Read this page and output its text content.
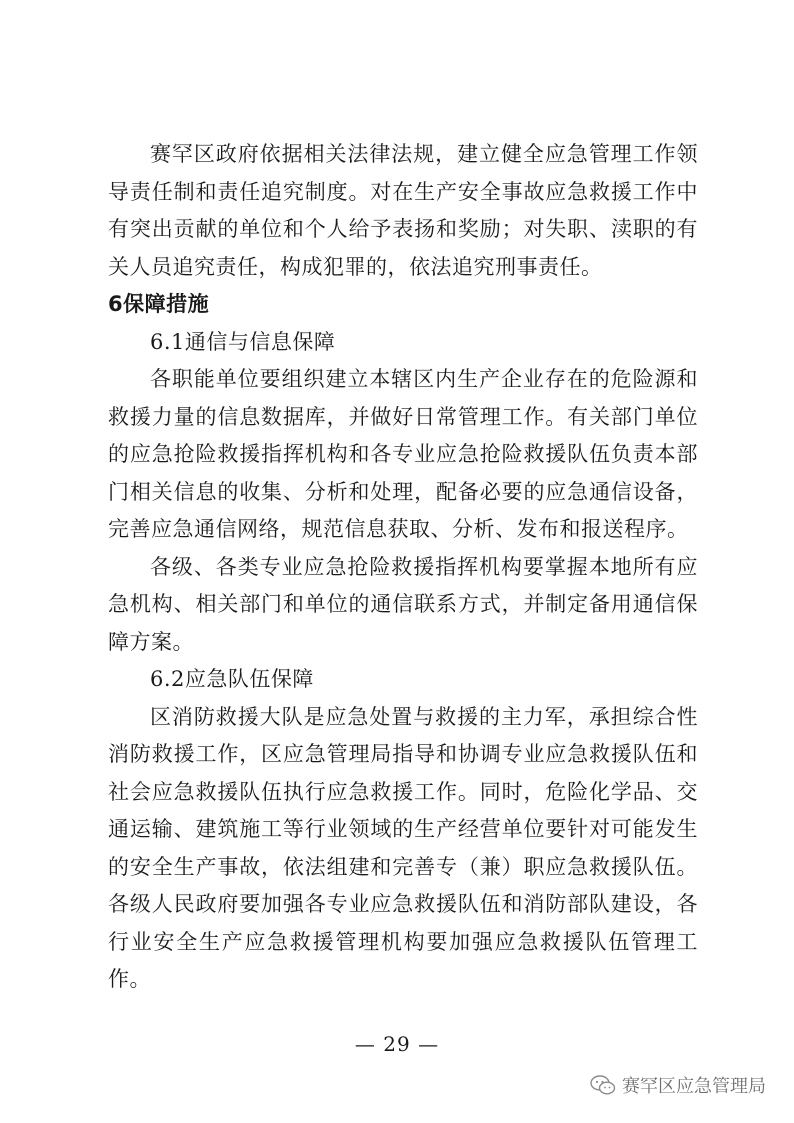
赛罕区政府依据相关法律法规，建立健全应急管理工作领导责任制和责任追究制度。对在生产安全事故应急救援工作中有突出贡献的单位和个人给予表扬和奖励；对失职、渎职的有关人员追究责任，构成犯罪的，依法追究刑事责任。

6保障措施

6.1通信与信息保障

各职能单位要组织建立本辖区内生产企业存在的危险源和救援力量的信息数据库，并做好日常管理工作。有关部门单位的应急抢险救援指挥机构和各专业应急抢险救援队伍负责本部门相关信息的收集、分析和处理，配备必要的应急通信设备，完善应急通信网络，规范信息获取、分析、发布和报送程序。

各级、各类专业应急抢险救援指挥机构要掌握本地所有应急机构、相关部门和单位的通信联系方式，并制定备用通信保障方案。

6.2应急队伍保障

区消防救援大队是应急处置与救援的主力军，承担综合性消防救援工作，区应急管理局指导和协调专业应急救援队伍和社会应急救援队伍执行应急救援工作。同时，危险化学品、交通运输、建筑施工等行业领域的生产经营单位要针对可能发生的安全生产事故，依法组建和完善专（兼）职应急救援队伍。各级人民政府要加强各专业应急救援队伍和消防部队建设，各行业安全生产应急救援管理机构要加强应急救援队伍管理工作。

— 29 —
赛罕区应急管理局
